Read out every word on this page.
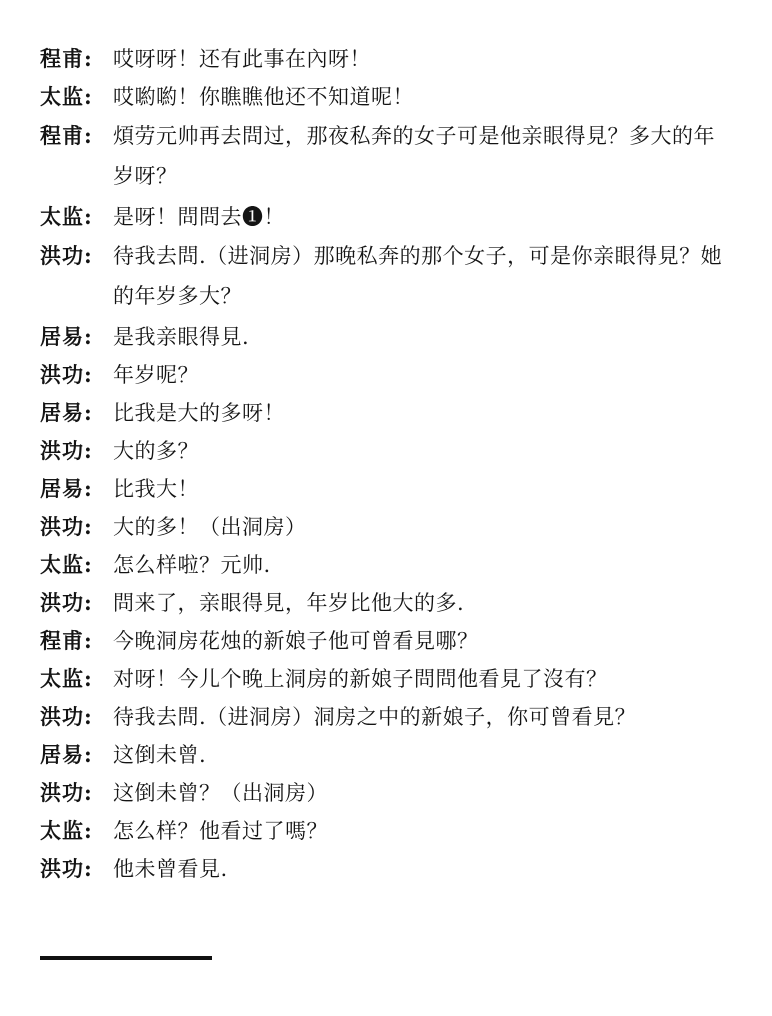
程甫: 哎呀呀！还有此事在內呀！
太监: 哎喲喲！你瞧瞧他还不知道呢！
程甫: 煩劳元帅再去問过，那夜私奔的女子可是他亲眼得見？多大的年岁呀？
太监: 是呀！問問去❶！
洪功: 待我去問.（进洞房）那晚私奔的那个女子，可是你亲眼得見？她的年岁多大？
居易: 是我亲眼得見.
洪功: 年岁呢？
居易: 比我是大的多呀！
洪功: 大的多？
居易: 比我大！
洪功: 大的多！（出洞房）
太监: 怎么样啦？元帅.
洪功: 問来了，亲眼得見，年岁比他大的多.
程甫: 今晚洞房花烛的新娘子他可曾看見哪？
太监: 对呀！今儿个晚上洞房的新娘子問問他看見了沒有？
洪功: 待我去問.（进洞房）洞房之中的新娘子，你可曾看見？
居易: 这倒未曾.
洪功: 这倒未曾？（出洞房）
太监: 怎么样？他看过了嗎？
洪功: 他未曾看見.
